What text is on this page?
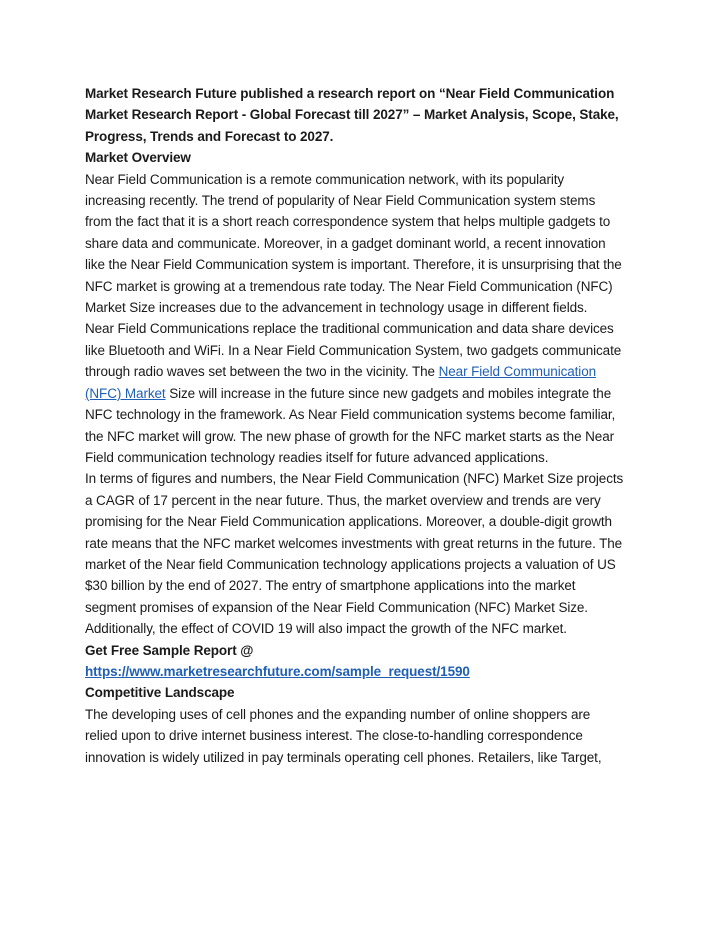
Market Research Future published a research report on “Near Field Communication Market Research Report - Global Forecast till 2027” – Market Analysis, Scope, Stake, Progress, Trends and Forecast to 2027.

Market Overview

Near Field Communication is a remote communication network, with its popularity increasing recently. The trend of popularity of Near Field Communication system stems from the fact that it is a short reach correspondence system that helps multiple gadgets to share data and communicate. Moreover, in a gadget dominant world, a recent innovation like the Near Field Communication system is important. Therefore, it is unsurprising that the NFC market is growing at a tremendous rate today. The Near Field Communication (NFC) Market Size increases due to the advancement in technology usage in different fields.

Near Field Communications replace the traditional communication and data share devices like Bluetooth and WiFi. In a Near Field Communication System, two gadgets communicate through radio waves set between the two in the vicinity. The Near Field Communication (NFC) Market Size will increase in the future since new gadgets and mobiles integrate the NFC technology in the framework. As Near Field communication systems become familiar, the NFC market will grow. The new phase of growth for the NFC market starts as the Near Field communication technology readies itself for future advanced applications.

In terms of figures and numbers, the Near Field Communication (NFC) Market Size projects a CAGR of 17 percent in the near future. Thus, the market overview and trends are very promising for the Near Field Communication applications. Moreover, a double-digit growth rate means that the NFC market welcomes investments with great returns in the future. The market of the Near field Communication technology applications projects a valuation of US $30 billion by the end of 2027. The entry of smartphone applications into the market segment promises of expansion of the Near Field Communication (NFC) Market Size. Additionally, the effect of COVID 19 will also impact the growth of the NFC market.

Get Free Sample Report @

https://www.marketresearchfuture.com/sample_request/1590

Competitive Landscape

The developing uses of cell phones and the expanding number of online shoppers are relied upon to drive internet business interest. The close-to-handling correspondence innovation is widely utilized in pay terminals operating cell phones. Retailers, like Target,
